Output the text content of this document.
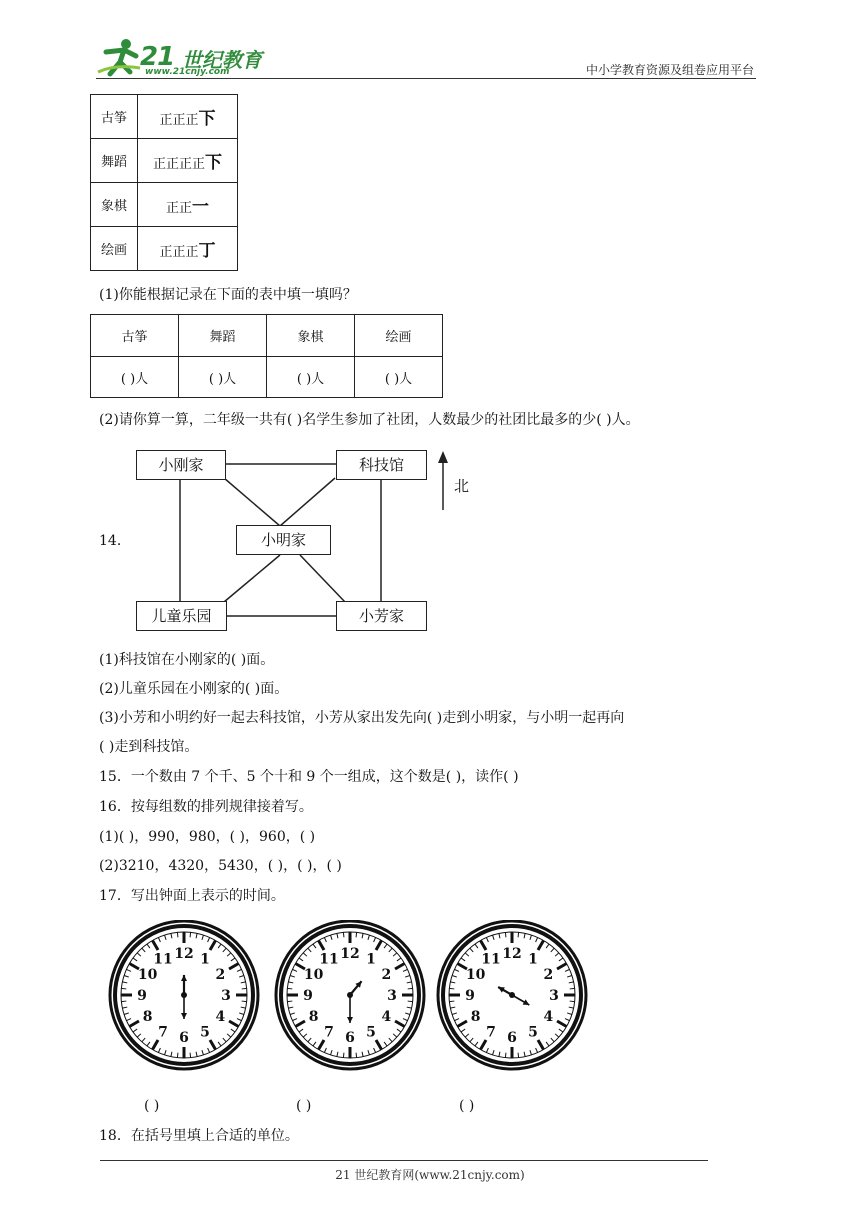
21 世纪教育
www.21cnjy.com	中小学教育资源及组卷应用平台
古筝	正正正下
舞蹈	正正正正下
象棋	正正一
绘画	正正正丁
(1)你能根据记录在下面的表中填一填吗？
古筝	舞蹈	象棋	绘画
( )人	( )人	( )人	( )人
(2)请你算一算，二年级一共有( )名学生参加了社团，人数最少的社团比最多的少( )人。
14．
小刚家	科技馆
小明家
儿童乐园	小芳家
北
(1)科技馆在小刚家的( )面。
(2)儿童乐园在小刚家的( )面。
(3)小芳和小明约好一起去科技馆，小芳从家出发先向( )走到小明家，与小明一起再向
( )走到科技馆。
15．一个数由 7 个千、5 个十和 9 个一组成，这个数是( )，读作( )
16．按每组数的排列规律接着写。
(1)( )，990，980，( )，960，( )
(2)3210，4320，5430，( )，( )，( )
17．写出钟面上表示的时间。
12 1
2
3
4
5
6
7
8
9
10
11	12 1
2
3
4
5
6
7
8
9
10
11	12 1
2
3
4
5
6
7
8
9
10
11
( )	( )	( )
18．在括号里填上合适的单位。
21 世纪教育网(www.21cnjy.com)
